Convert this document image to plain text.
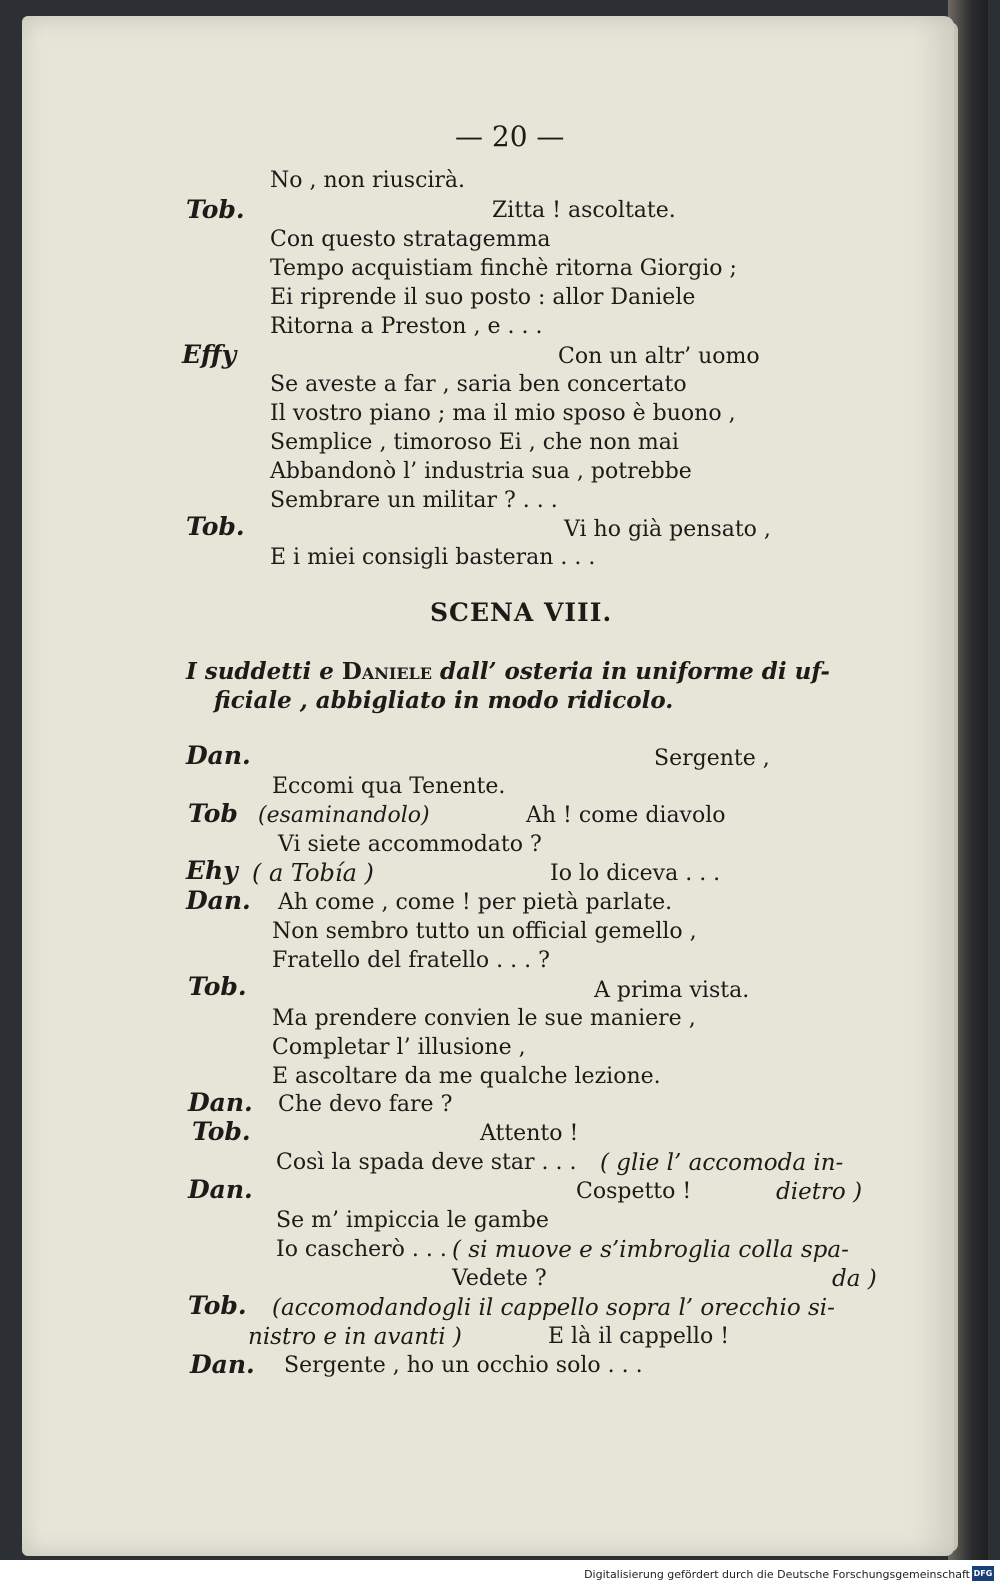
— 20 —
No , non riuscirà.
Tob.	Zitta ! ascoltate.
Con questo stratagemma
Tempo acquistiam finchè ritorna Giorgio ;
Ei riprende il suo posto : allor Daniele
Ritorna a Preston , e . . .
Effy	Con un altr’ uomo
Se aveste a far , saria ben concertato
Il vostro piano ; ma il mio sposo è buono ,
Semplice , timoroso Ei , che non mai
Abbandonò l’ industria sua , potrebbe
Sembrare un militar ? . . .
Tob.	Vi ho già pensato ,
E i miei consigli basteran . . .
SCENA VIII.
I suddetti e Daniele dall’ osteria in uniforme di uf-
ficiale , abbigliato in modo ridicolo.
Dan.	Sergente ,
Eccomi qua Tenente.
Tob (esaminandolo)	Ah ! come diavolo
Vi siete accommodato ?
Ehy ( a Tobía )	Io lo diceva . . .
Dan. Ah come , come ! per pietà parlate.
Non sembro tutto un official gemello ,
Fratello del fratello . . . ?
Tob.	A prima vista.
Ma prendere convien le sue maniere ,
Completar l’ illusione ,
E ascoltare da me qualche lezione.
Dan. Che devo fare ?
Tob.	Attento !
Così la spada deve star . . . ( glie l’ accomoda in-
Dan.	Cospetto !	dietro )
Se m’ impiccia le gambe
Io cascherò . . . ( si muove e s’imbroglia colla spa-
Vedete ?	da )
Tob. (accomodandogli il cappello sopra l’ orecchio si-
nistro e in avanti )	E là il cappello !
Dan. Sergente , ho un occhio solo . . .
Digitalisierung gefördert durch die Deutsche Forschungsgemeinschaft DFG
